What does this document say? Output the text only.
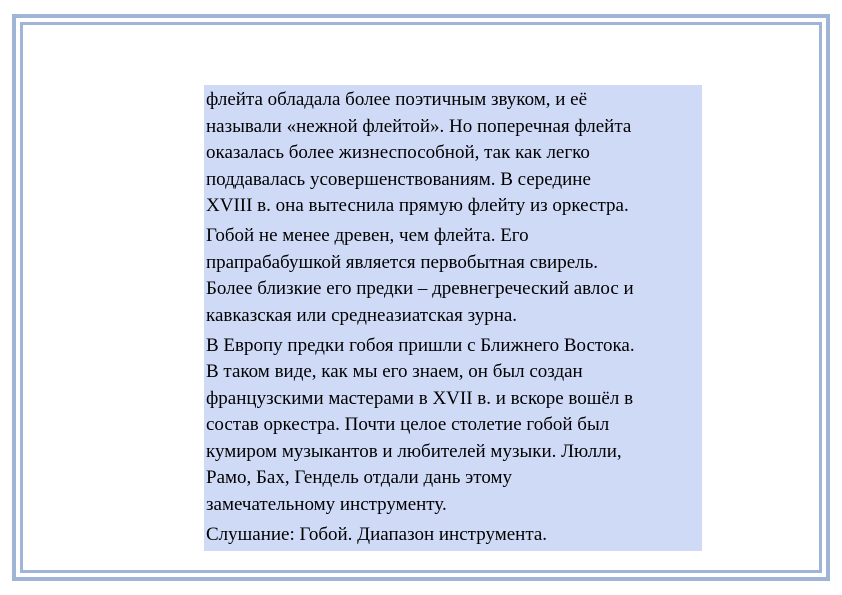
флейта обладала более поэтичным звуком, и её
называли «нежной флейтой». Но поперечная флейта
оказалась более жизнеспособной, так как легко
поддавалась усовершенствованиям. В середине
XVIII в. она вытеснила прямую флейту из оркестра.

Гобой не менее древен, чем флейта. Его
прапрабабушкой является первобытная свирель.
Более близкие его предки – древнегреческий авлос и
кавказская или среднеазиатская зурна.

В Европу предки гобоя пришли с Ближнего Востока.
В таком виде, как мы его знаем, он был создан
французскими мастерами в XVII в. и вскоре вошёл в
состав оркестра. Почти целое столетие гобой был
кумиром музыкантов и любителей музыки. Люлли,
Рамо, Бах, Гендель отдали дань этому
замечательному инструменту.

Слушание: Гобой. Диапазон инструмента.
